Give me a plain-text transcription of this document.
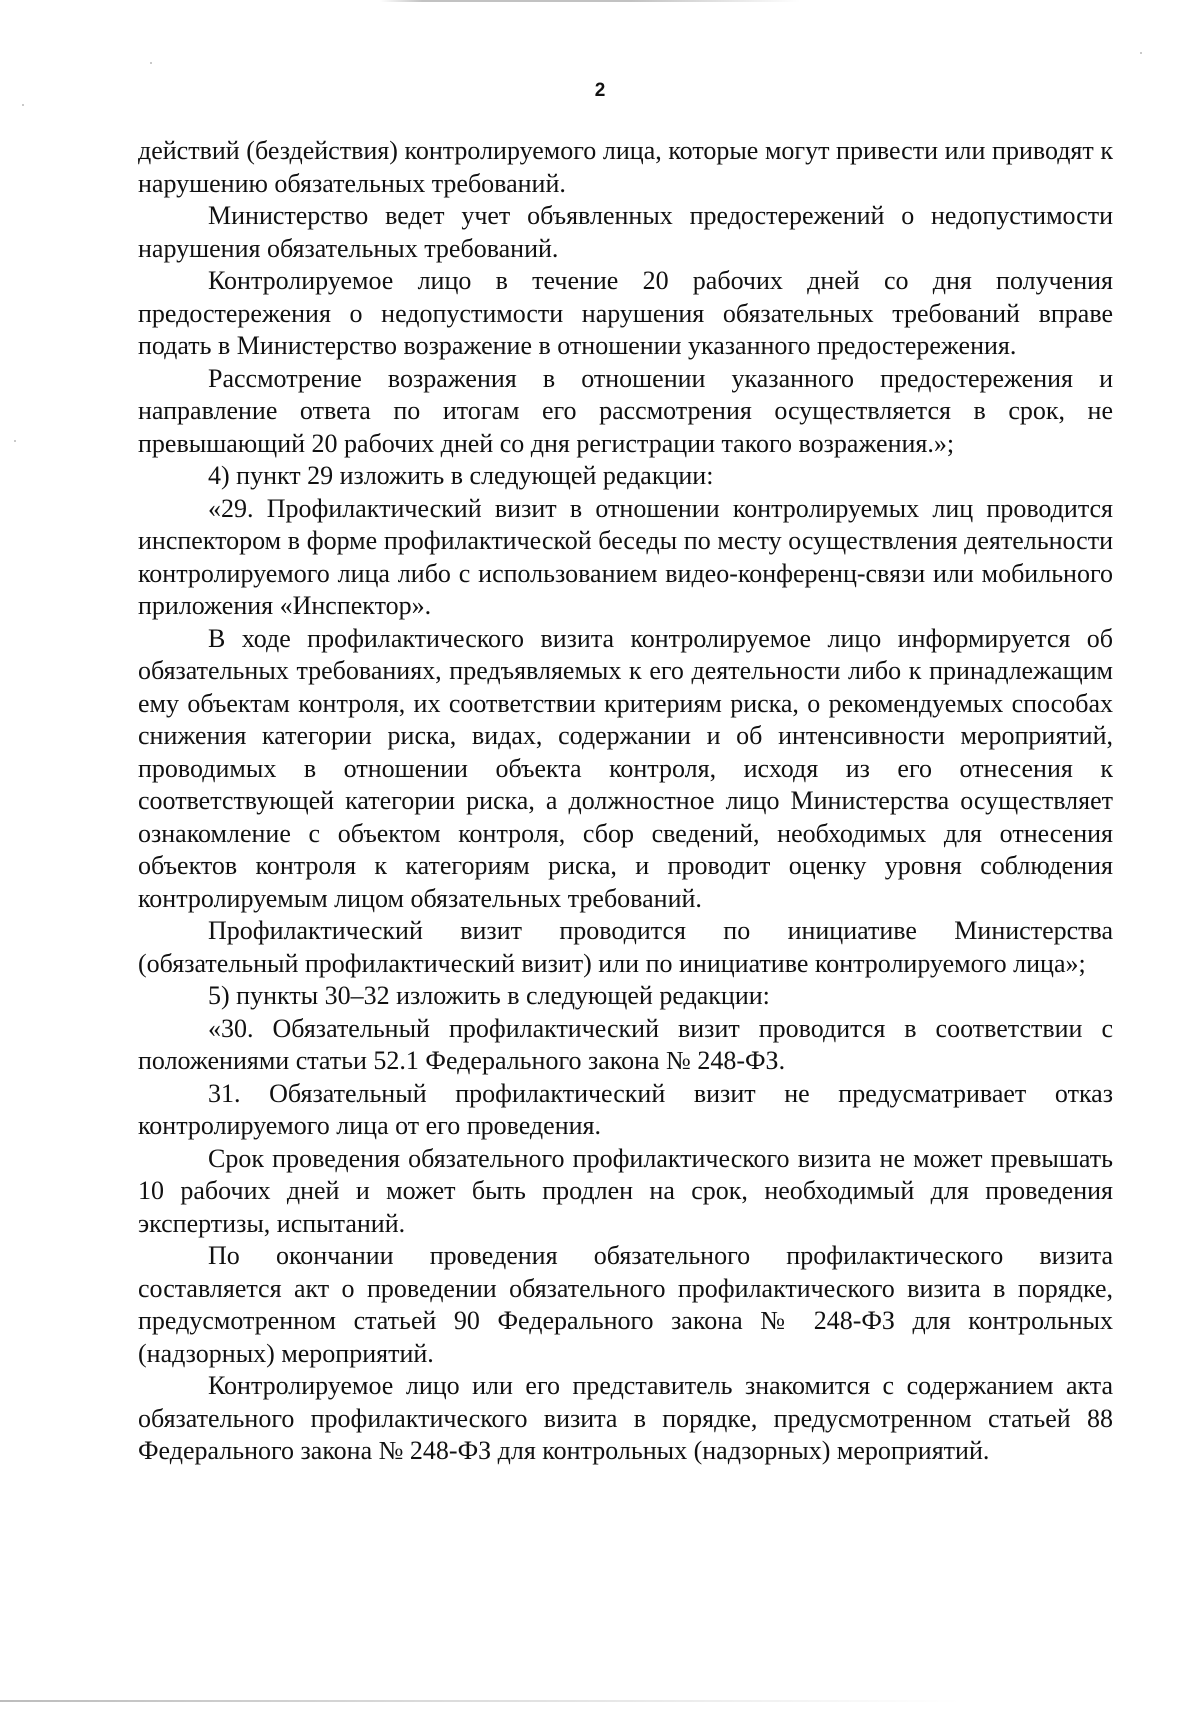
2

действий (бездействия) контролируемого лица, которые могут привести или приводят к нарушению обязательных требований.

Министерство ведет учет объявленных предостережений о недопустимости нарушения обязательных требований.

Контролируемое лицо в течение 20 рабочих дней со дня получения предостережения о недопустимости нарушения обязательных требований вправе подать в Министерство возражение в отношении указанного предостережения.

Рассмотрение возражения в отношении указанного предостережения и направление ответа по итогам его рассмотрения осуществляется в срок, не превышающий 20 рабочих дней со дня регистрации такого возражения.»;

4) пункт 29 изложить в следующей редакции:

«29. Профилактический визит в отношении контролируемых лиц проводится инспектором в форме профилактической беседы по месту осуществления деятельности контролируемого лица либо с использованием видео-конференц-связи или мобильного приложения «Инспектор».

В ходе профилактического визита контролируемое лицо информируется об обязательных требованиях, предъявляемых к его деятельности либо к принадлежащим ему объектам контроля, их соответствии критериям риска, о рекомендуемых способах снижения категории риска, видах, содержании и об интенсивности мероприятий, проводимых в отношении объекта контроля, исходя из его отнесения к соответствующей категории риска, а должностное лицо Министерства осуществляет ознакомление с объектом контроля, сбор сведений, необходимых для отнесения объектов контроля к категориям риска, и проводит оценку уровня соблюдения контролируемым лицом обязательных требований.

Профилактический визит проводится по инициативе Министерства (обязательный профилактический визит) или по инициативе контролируемого лица»;

5) пункты 30–32 изложить в следующей редакции:

«30. Обязательный профилактический визит проводится в соответствии с положениями статьи 52.1 Федерального закона № 248-ФЗ.

31. Обязательный профилактический визит не предусматривает отказ контролируемого лица от его проведения.

Срок проведения обязательного профилактического визита не может превышать 10 рабочих дней и может быть продлен на срок, необходимый для проведения экспертизы, испытаний.

По окончании проведения обязательного профилактического визита составляется акт о проведении обязательного профилактического визита в порядке, предусмотренном статьей 90 Федерального закона № 248-ФЗ для контрольных (надзорных) мероприятий.

Контролируемое лицо или его представитель знакомится с содержанием акта обязательного профилактического визита в порядке, предусмотренном статьей 88 Федерального закона № 248-ФЗ для контрольных (надзорных) мероприятий.
